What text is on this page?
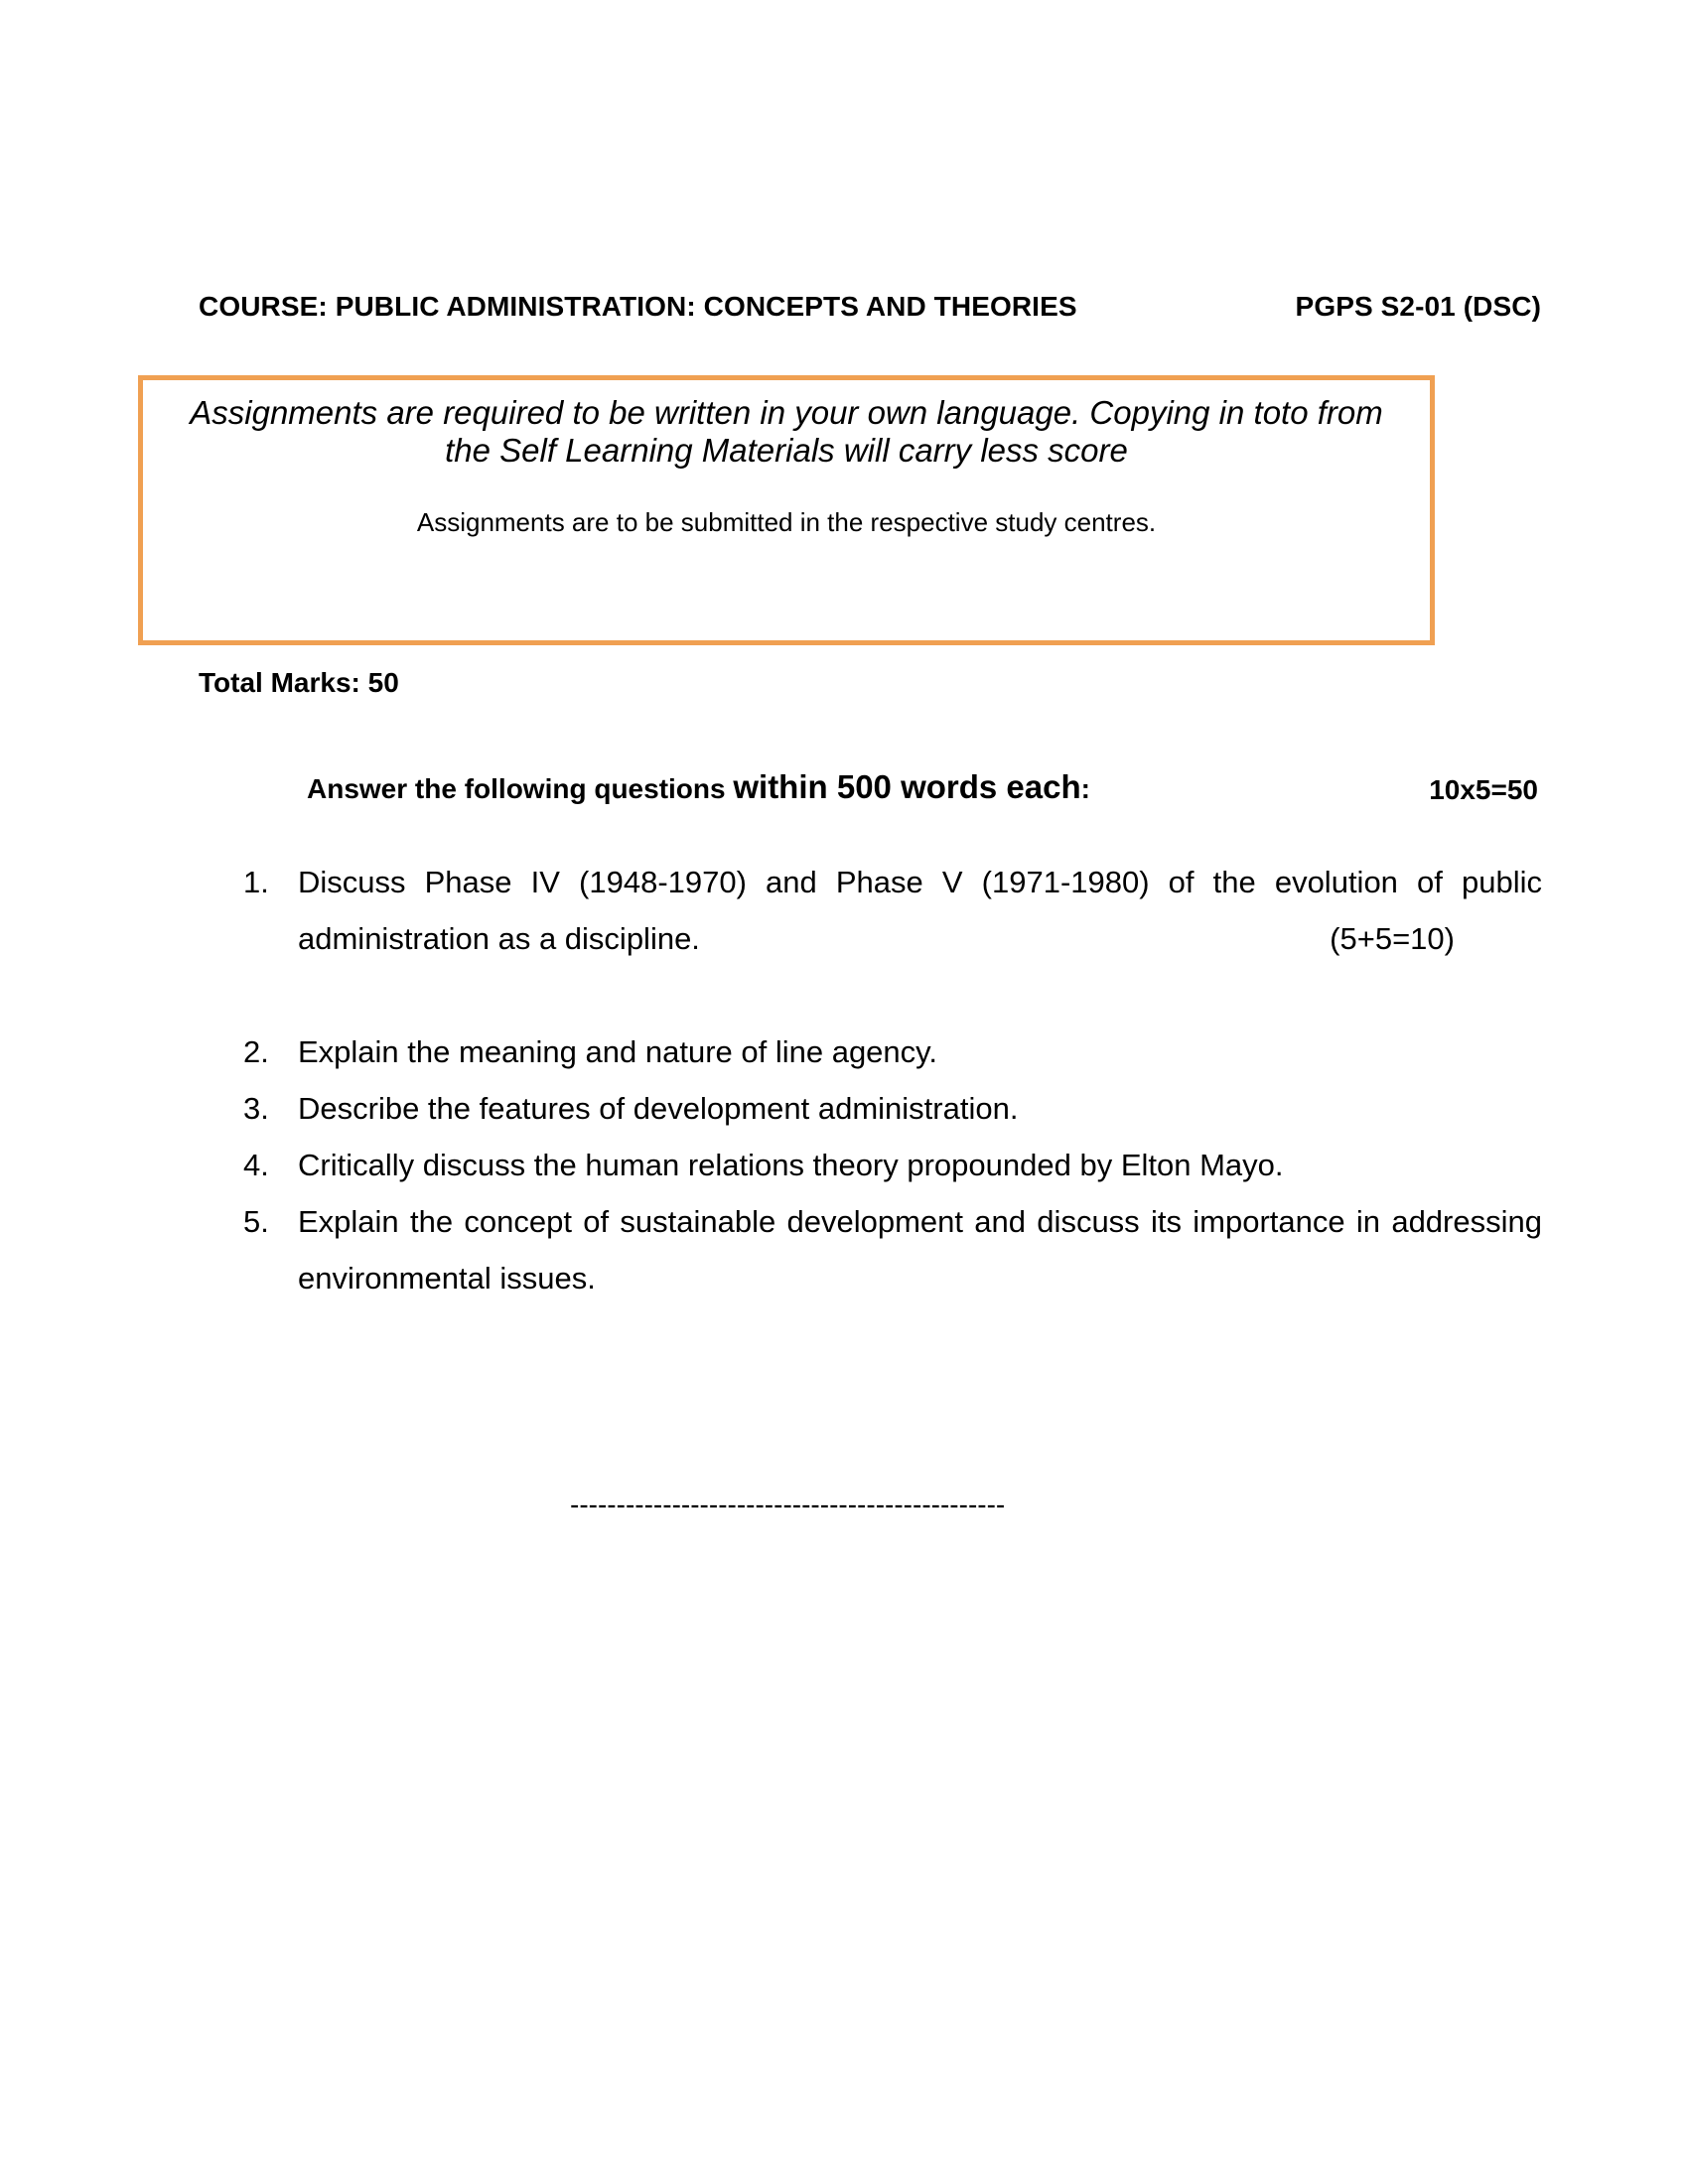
COURSE: PUBLIC ADMINISTRATION: CONCEPTS AND THEORIES	PGPS S2-01 (DSC)
Assignments are required to be written in your own language. Copying in toto from the Self Learning Materials will carry less score
Assignments are to be submitted in the respective study centres.
Total Marks: 50
Answer the following questions within 500 words each:	10x5=50
1. Discuss Phase IV (1948-1970) and Phase V (1971-1980) of the evolution of public administration as a discipline.	(5+5=10)
2. Explain the meaning and nature of line agency.
3. Describe the features of development administration.
4. Critically discuss the human relations theory propounded by Elton Mayo.
5. Explain the concept of sustainable development and discuss its importance in addressing environmental issues.
-----------------------------------------------
